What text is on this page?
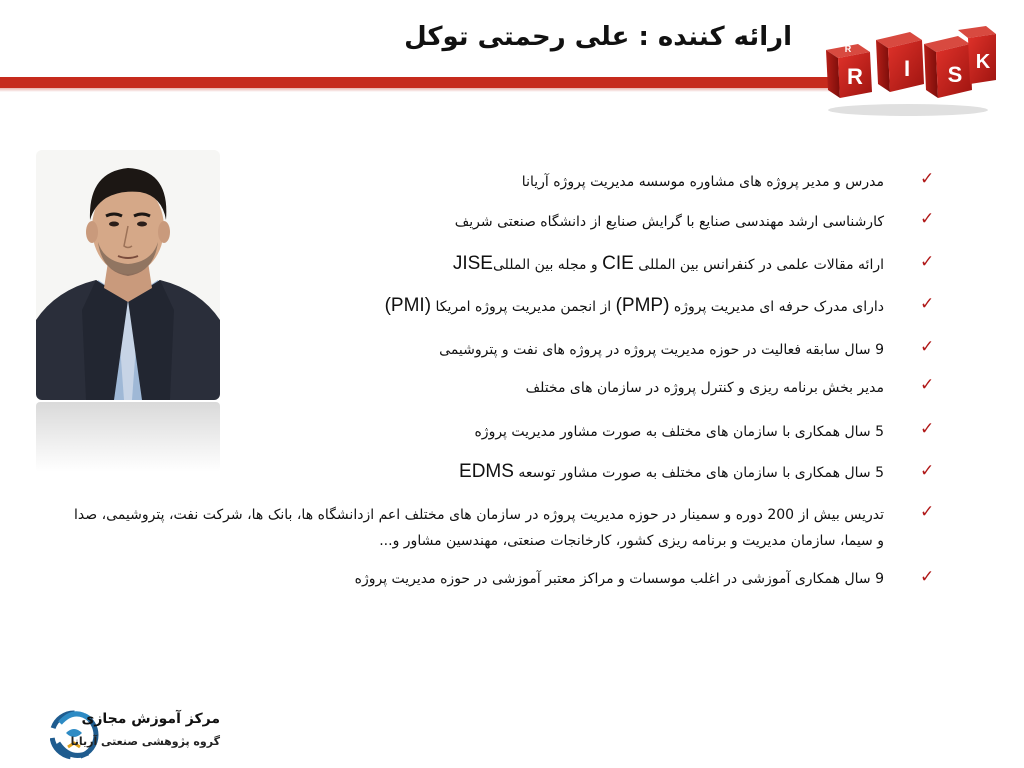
ارائه کننده : علی رحمتی توکل
R
R
I S K
✓
مدرس و مدیر پروژه های مشاوره موسسه مدیریت پروژه آریانا
✓
کارشناسی ارشد مهندسی صنایع با گرایش صنایع از دانشگاه صنعتی شریف
✓
ارائه مقالات علمی در کنفرانس بین المللی CIE و مجله بین المللیJISE
✓
دارای مدرک حرفه ای مدیریت پروژه (PMP) از انجمن مدیریت پروژه امریکا (PMI)
✓
9 سال سابقه فعالیت در حوزه مدیریت پروژه در پروژه های نفت و پتروشیمی
✓
مدیر بخش برنامه ریزی و کنترل پروژه در سازمان های مختلف
✓
5 سال همکاری با سازمان های مختلف به صورت مشاور مدیریت پروژه
✓
5 سال همکاری با سازمان های مختلف به صورت مشاور توسعه EDMS
✓
تدریس بیش از 200 دوره و سمینار در حوزه مدیریت پروژه در سازمان های مختلف اعم ازدانشگاه ها، بانک ها، شرکت نفت، پتروشیمی، صدا و سیما، سازمان مدیریت و برنامه ریزی کشور، کارخانجات صنعتی، مهندسین مشاور و...
✓
9 سال همکاری آموزشی در اغلب موسسات و مراکز معتبر آموزشی در حوزه مدیریت پروژه
مرکز آموزش مجازی
گروه پژوهشی صنعتی آریانا
